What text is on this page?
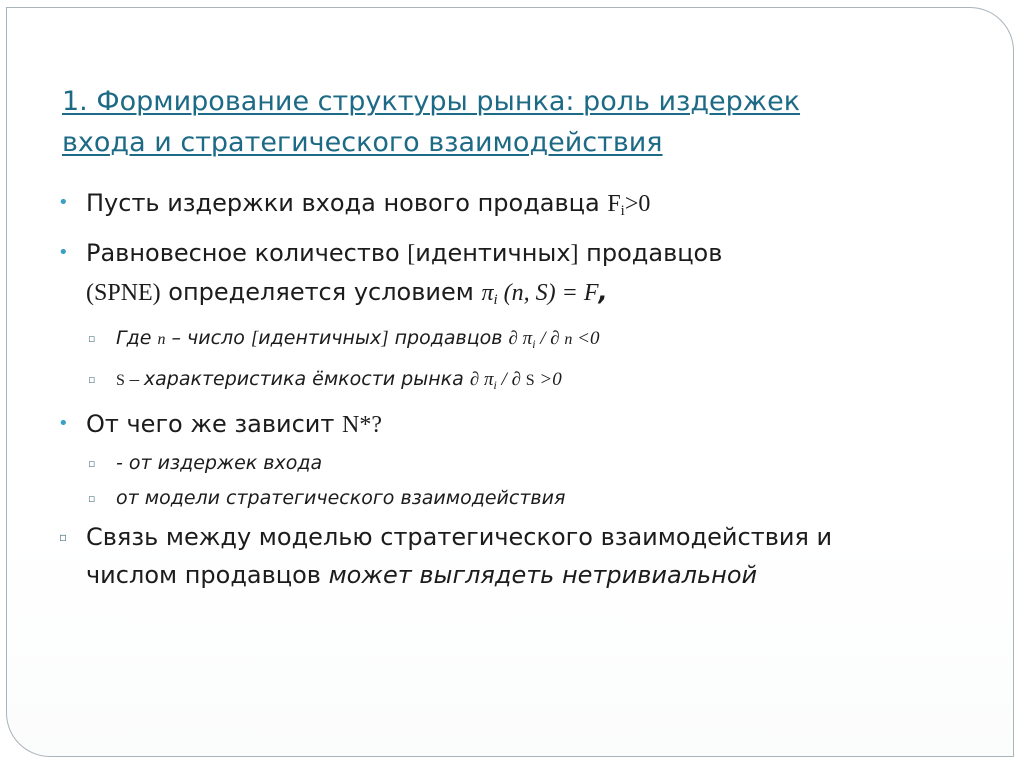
1. Формирование структуры рынка: роль издержек
входа и стратегического взаимодействия
• Пусть издержки входа нового продавца $F_i>0$
• Равновесное количество [идентичных] продавцов
(SPNE) определяется условием $\pi_i$ (n, S) = F,
▫ Где n – число [идентичных] продавцов ∂ $\pi_i$ / ∂ n <0
▫ S – характеристика ёмкости рынка ∂ $\pi_i$ / ∂ S >0
• От чего же зависит N*?
▫ - от издержек входа
▫ от модели стратегического взаимодействия
▫ Связь между моделью стратегического взаимодействия и
числом продавцов может выглядеть нетривиальной
